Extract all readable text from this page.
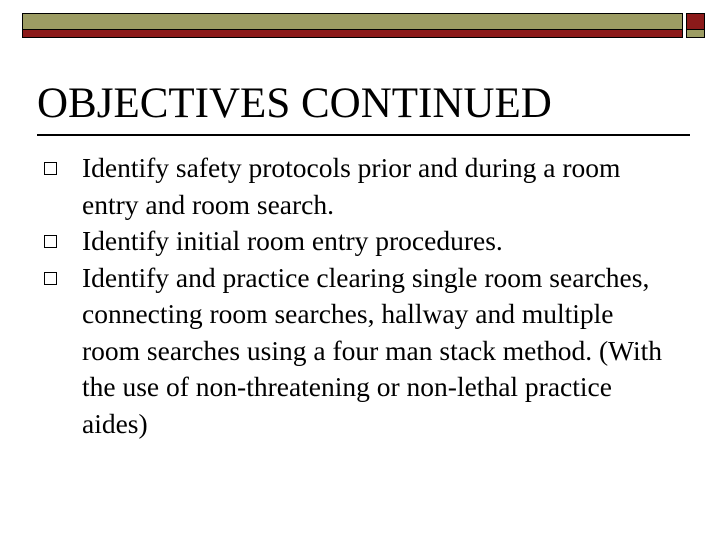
OBJECTIVES CONTINUED
Identify safety protocols prior and during a room entry and room search.
Identify initial room entry procedures.
Identify and practice clearing single room searches, connecting room searches, hallway and multiple room searches using a four man stack method. (With the use of non-threatening or non-lethal practice aides)
